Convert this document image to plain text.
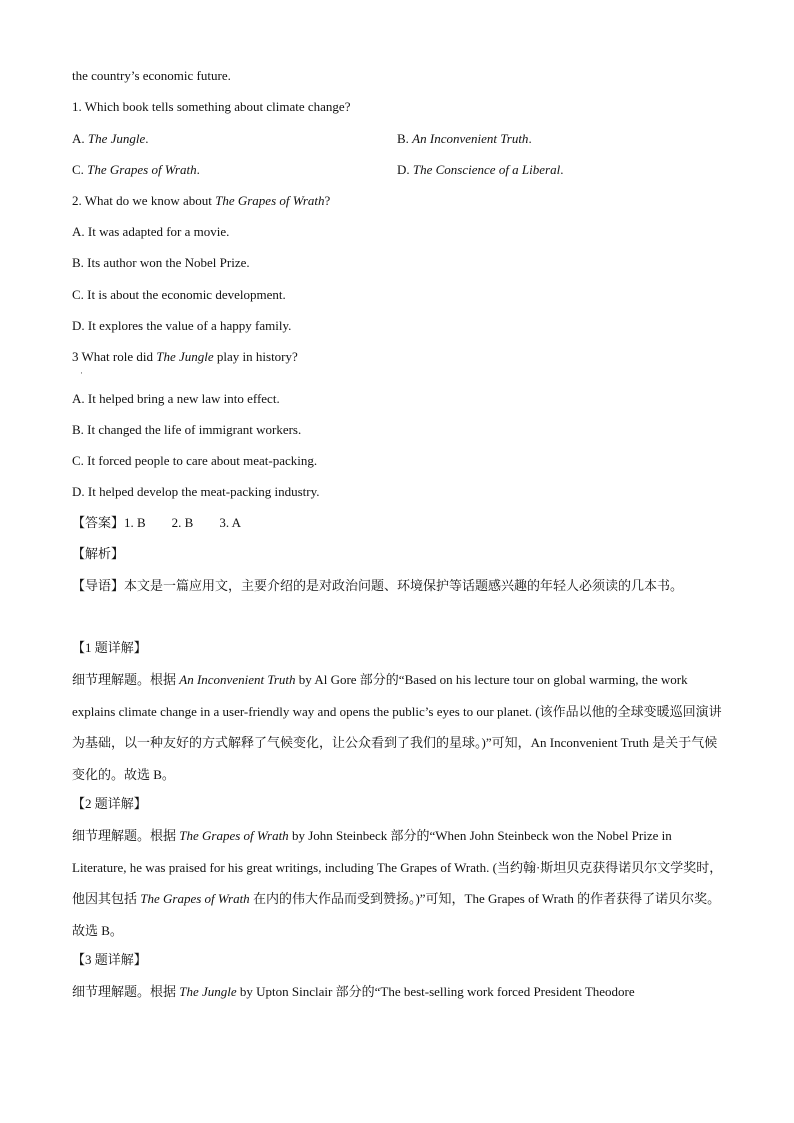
the country’s economic future.
1. Which book tells something about climate change?
A. The Jungle.	B. An Inconvenient Truth.
C. The Grapes of Wrath.	D. The Conscience of a Liberal.
2. What do we know about The Grapes of Wrath?
A. It was adapted for a movie.
B. Its author won the Nobel Prize.
C. It is about the economic development.
D. It explores the value of a happy family.
3 What role did The Jungle play in history?
·
A. It helped bring a new law into effect.
B. It changed the life of immigrant workers.
C. It forced people to care about meat-packing.
D. It helped develop the meat-packing industry.
【答案】1. B        2. B        3. A
【解析】
【导语】本文是一篇应用文，主要介绍的是对政治问题、环境保护等话题感兴趣的年轻人必须读的几本书。
【1 题详解】
细节理解题。根据 An Inconvenient Truth by Al Gore 部分的“Based on his lecture tour on global warming, the work explains climate change in a user-friendly way and opens the public’s eyes to our planet. (该作品以他的全球变暖巡回演讲为基础，以一种友好的方式解释了气候变化，让公众看到了我们的星球。)”可知，An Inconvenient Truth 是关于气候变化的。故选 B。
【2 题详解】
细节理解题。根据 The Grapes of Wrath by John Steinbeck 部分的“When John Steinbeck won the Nobel Prize in Literature, he was praised for his great writings, including The Grapes of Wrath. (当约翰·斯坦贝克获得诺贝尔文学奖时，他因其包括 The Grapes of Wrath 在内的伟大作品而受到赞扬。)”可知，The Grapes of Wrath 的作者获得了诺贝尔奖。故选 B。
【3 题详解】
细节理解题。根据 The Jungle by Upton Sinclair 部分的“The best-selling work forced President Theodore
